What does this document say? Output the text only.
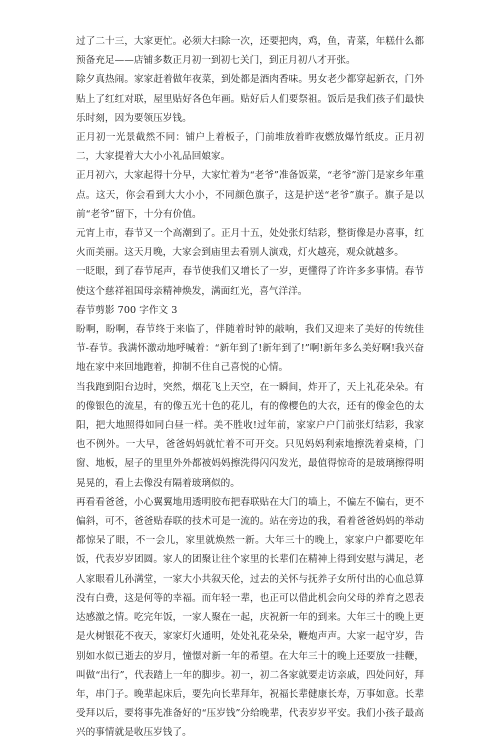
过了二十三，大家更忙。必须大扫除一次，还要把肉，鸡，鱼，青菜，年糕什么都预备充足——店铺多数正月初一到初七关门，到正月初八才开张。

除夕真热闹。家家赶着做年夜菜，到处都是酒肉香味。男女老少都穿起新衣，门外贴上了红红对联，屋里贴好各色年画。贴好后人们要祭祖。饭后是我们孩子们最快乐时刻，因为要领压岁钱。

正月初一光景截然不同：铺户上着板子，门前堆放着昨夜燃放爆竹纸皮。正月初二，大家提着大大小小礼品回娘家。

正月初六，大家起得十分早，大家忙着为“老爷”准备饭菜，“老爷”游门是家乡年重点。这天，你会看到大大小小，不同颜色旗子，这是护送“老爷”旗子。旗子是以前“老爷”留下，十分有价值。

元宵上市，春节又一个高潮到了。正月十五，处处张灯结彩，整街像是办喜事，红火而美丽。这天月晚，大家会到庙里去看别人演戏，灯火越亮，观众就越多。

一眨眼，到了春节尾声，春节使我们又增长了一岁，更懂得了许许多多事情。春节使这个慈祥祖国母亲精神焕发，满面红光，喜气洋洋。

春节剪影 700 字作文 3

盼啊，盼啊，春节终于来临了，伴随着时钟的敲响，我们又迎来了美好的传统佳节-春节。我满怀激动地呼喊着：“新年到了!新年到了!”啊!新年多么美好啊!我兴奋地在家中来回地跑着，抑制不住自己喜悦的心情。

当我跑到阳台边时，突然，烟花飞上天空，在一瞬间，炸开了，天上礼花朵朵。有的像银色的流星，有的像五光十色的花儿，有的像樱色的大衣，还有的像金色的太阳，把大地照得如同白昼一样。美不胜收!过年前，家家户户门前张灯结彩，我家也不例外。一大早，爸爸妈妈就忙着不可开交。只见妈妈利索地擦洗着桌椅，门窗、地板，屋子的里里外外都被妈妈擦洗得闪闪发光，最值得惊奇的是玻璃擦得明晃晃的，看上去像没有隔着玻璃似的。

再看看爸爸，小心翼翼地用透明胶布把春联贴在大门的墙上，不偏左不偏右，更不偏斜，可不，爸爸贴春联的技术可是一流的。站在旁边的我，看着爸爸妈妈的举动都惊呆了眼，不一会儿，家里就焕然一新。大年三十的晚上，家家户户都要吃年饭，代表岁岁团圆。家人的团聚让往个家里的长辈们在精神上得到安慰与满足，老人家眼看儿孙满堂，一家大小共叙天伦，过去的关怀与抚养子女所付出的心血总算没有白费，这是何等的幸福。而年轻一辈，也正可以借此机会向父母的养育之恩表达感激之情。吃完年饭，一家人聚在一起，庆祝新一年的到来。大年三十的晚上更是火树银花不夜天，家家灯火通明，处处礼花朵朵，鞭炮声声。大家一起守岁，告别如水似已逝去的岁月，憧憬对新一年的希望。在大年三十的晚上还要放一挂鞭，叫做“出行”，代表踏上一年的脚步。初一，初二各家就要走访亲戚，四处问好，拜年，串门子。晚辈起床后，要先向长辈拜年，祝福长辈健康长寿，万事如意。长辈受拜以后，要将事先准备好的“压岁钱”分给晚辈，代表岁岁平安。我们小孩子最高兴的事情就是收压岁钱了。
